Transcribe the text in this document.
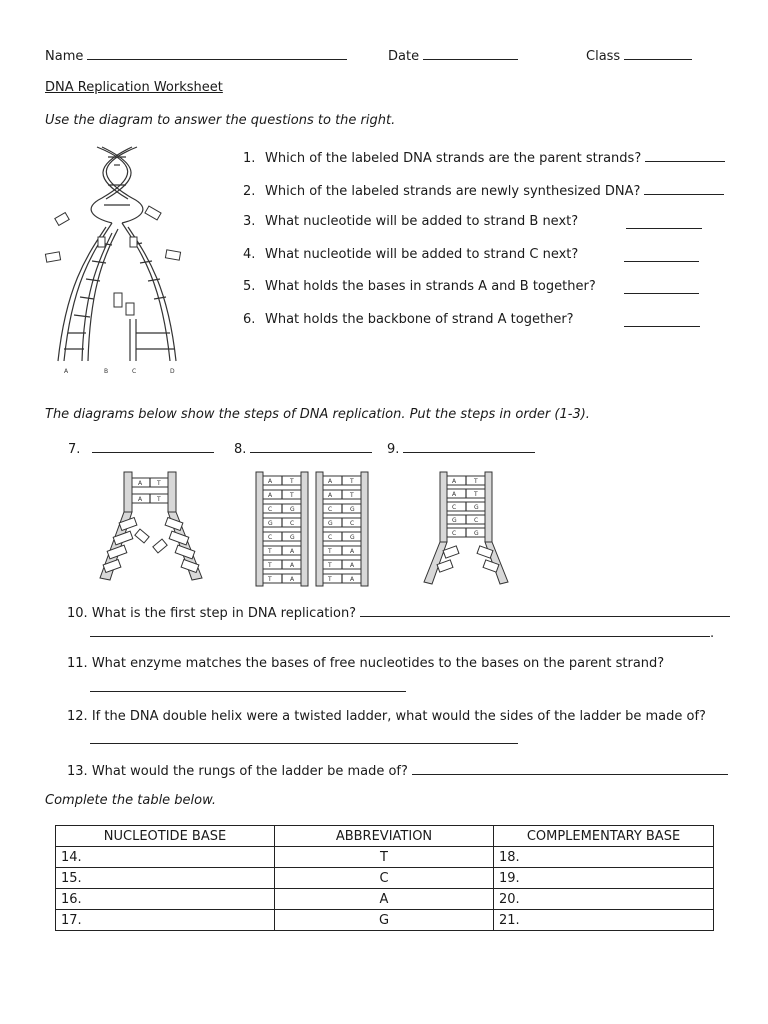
Name	Date	Class
DNA Replication Worksheet
Use the diagram to answer the questions to the right.
A	B	C	D
1. Which of the labeled DNA strands are the parent strands?
2. Which of the labeled strands are newly synthesized DNA?
3. What nucleotide will be added to strand B next?
4. What nucleotide will be added to strand C next?
5. What holds the bases in strands A and B together?
6. What holds the backbone of strand A together?
The diagrams below show the steps of DNA replication. Put the steps in order (1-3).
7.	8.	9.
A T
A T
A	T
A	T
C	G
G	C
C	G
T	A
T	A
T	A
A	T
A	T
C	G
G	C
C	G
T	A
T	A
T	A
A	T
A	T
C	G
G	C
C	G
10. What is the first step in DNA replication?
.
11. What enzyme matches the bases of free nucleotides to the bases on the parent strand?
12. If the DNA double helix were a twisted ladder, what would the sides of the ladder be made of?
13. What would the rungs of the ladder be made of?
Complete the table below.
NUCLEOTIDE BASE	ABBREVIATION	COMPLEMENTARY BASE
14.	T	18.
15.	C	19.
16.	A	20.
17.	G	21.
